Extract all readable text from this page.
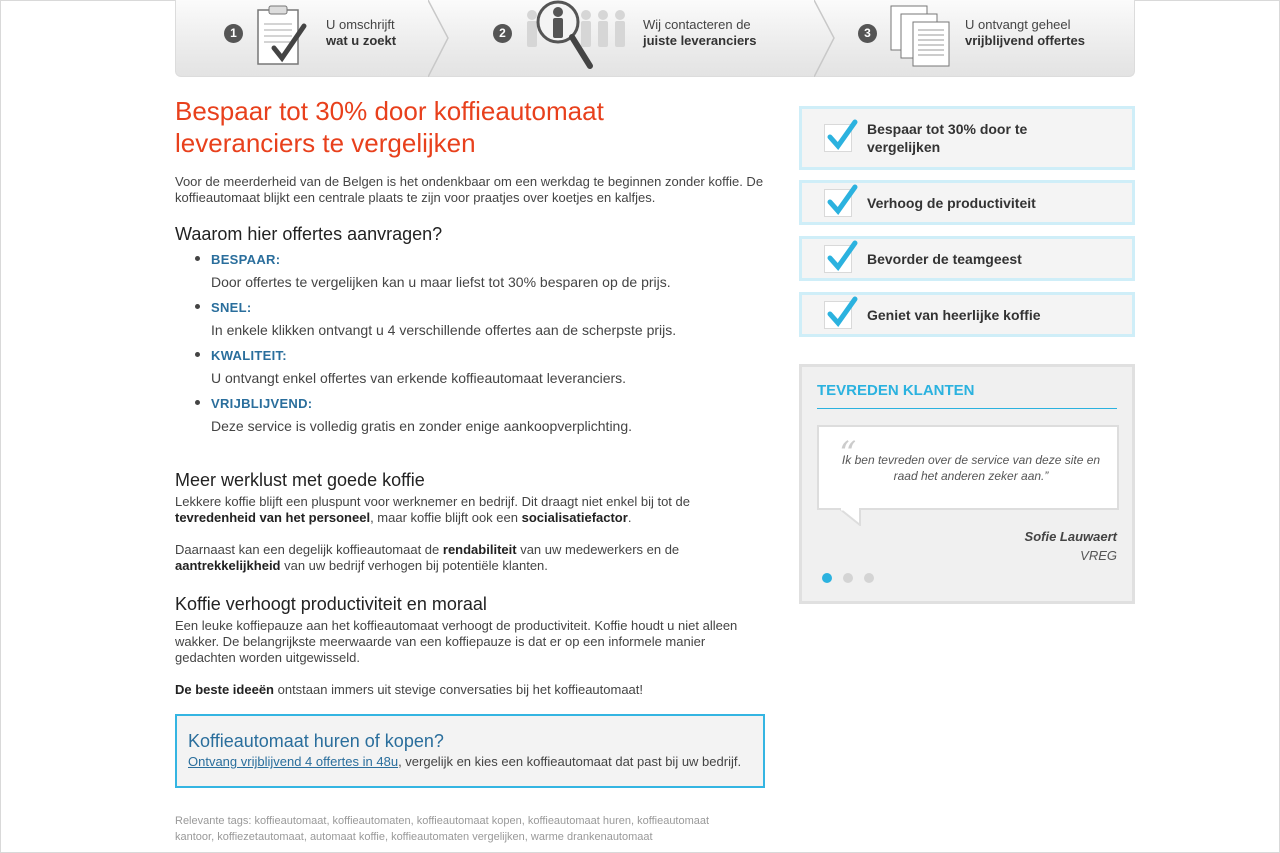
1
U omschrijft
wat u zoekt	2
Wij contacteren de
juiste leveranciers	3
U ontvangt geheel
vrijblijvend offertes
Bespaar tot 30% door koffieautomaat leveranciers te vergelijken

Voor de meerderheid van de Belgen is het ondenkbaar om een werkdag te beginnen zonder koffie. De koffieautomaat blijkt een centrale plaats te zijn voor praatjes over koetjes en kalfjes.

Waarom hier offertes aanvragen?
BESPAAR:
Door offertes te vergelijken kan u maar liefst tot 30% besparen op de prijs.
SNEL:
In enkele klikken ontvangt u 4 verschillende offertes aan de scherpste prijs.
KWALITEIT:
U ontvangt enkel offertes van erkende koffieautomaat leveranciers.
VRIJBLIJVEND:
Deze service is volledig gratis en zonder enige aankoopverplichting.
Meer werklust met goede koffie

Lekkere koffie blijft een pluspunt voor werknemer en bedrijf. Dit draagt niet enkel bij tot de tevredenheid van het personeel, maar koffie blijft ook een socialisatiefactor.

Daarnaast kan een degelijk koffieautomaat de rendabiliteit van uw medewerkers en de aantrekkelijkheid van uw bedrijf verhogen bij potentiële klanten.

Koffie verhoogt productiviteit en moraal

Een leuke koffiepauze aan het koffieautomaat verhoogt de productiviteit. Koffie houdt u niet alleen wakker. De belangrijkste meerwaarde van een koffiepauze is dat er op een informele manier gedachten worden uitgewisseld.

De beste ideeën ontstaan immers uit stevige conversaties bij het koffieautomaat!

Koffieautomaat huren of kopen?

Ontvang vrijblijvend 4 offertes in 48u, vergelijk en kies een koffieautomaat dat past bij uw bedrijf.

Relevante tags: koffieautomaat, koffieautomaten, koffieautomaat kopen, koffieautomaat huren, koffieautomaat kantoor, koffiezetautomaat, automaat koffie, koffieautomaten vergelijken, warme drankenautomaat

Bespaar tot 30% door te vergelijken
Verhoog de productiviteit
Bevorder de teamgeest
Geniet van heerlijke koffie
TEVREDEN KLANTEN
“
Ik ben tevreden over de service van deze site en raad het anderen zeker aan.”
Sofie Lauwaert
VREG
